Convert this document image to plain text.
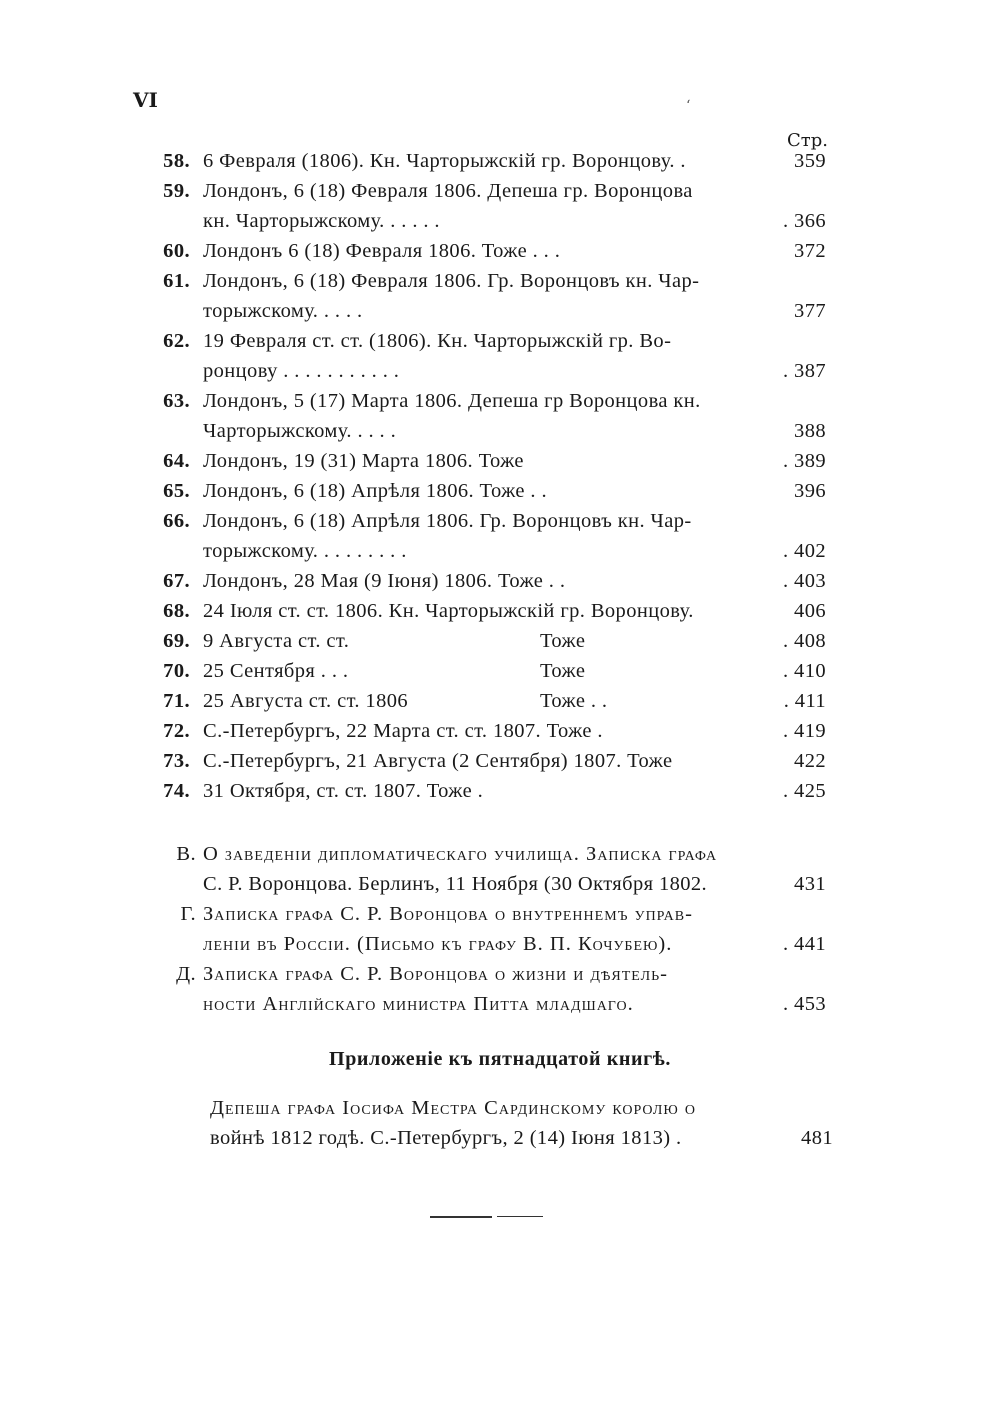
VI	‘
Стр.
58. 6 Февраля (1806). Кн. Чарторыжскій гр. Воронцову. .	359
59. Лондонъ, 6 (18) Февраля 1806. Депеша гр. Воронцова
кн. Чарторыжскому. . . . . .	. 366
60. Лондонъ 6 (18) Февраля 1806. Тоже . . .	372
61. Лондонъ, 6 (18) Февраля 1806. Гр. Воронцовъ кн. Чар-
торыжскому. . . . .	377
62. 19 Февраля ст. ст. (1806). Кн. Чарторыжскій гр. Во-
ронцову . . . . . . . . . . .	. 387
63. Лондонъ, 5 (17) Марта 1806. Депеша гр Воронцова кн.
Чарторыжскому. . . . .	388
64. Лондонъ, 19 (31) Марта 1806. Тоже	. 389
65. Лондонъ, 6 (18) Апрѣля 1806. Тоже . .	396
66. Лондонъ, 6 (18) Апрѣля 1806. Гр. Воронцовъ кн. Чар-
торыжскому. . . . . . . . .	. 402
67. Лондонъ, 28 Мая (9 Іюня) 1806. Тоже . .	. 403
68. 24 Іюля ст. ст. 1806. Кн. Чарторыжскій гр. Воронцову.	406
69. 9 Августа ст. ст.	Тоже	. 408
70. 25 Сентября . . .	Тоже	. 410
71. 25 Августа ст. ст. 1806	Тоже . .	. 411
72. С.-Петербургъ, 22 Марта ст. ст. 1807. Тоже .	. 419
73. С.-Петербургъ, 21 Августа (2 Сентября) 1807. Тоже	422
74. 31 Октября, ст. ст. 1807. Тоже .	. 425
В. О заведеніи дипломатическаго училища. Записка графа
С. Р. Воронцова. Берлинъ, 11 Ноября (30 Октября 1802.	431
Г. Записка графа С. Р. Воронцова о внутреннемъ управ-
леніи въ Россіи. (Письмо къ графу В. П. Кочубею).	. 441
Д. Записка графа С. Р. Воронцова о жизни и дѣятель-
ности Англійскаго министра Питта младшаго.	. 453
Приложеніе къ пятнадцатой книгѣ.
Депеша графа Іосифа Местра Сардинскому королю о
войнѣ 1812 годѣ. С.-Петербургъ, 2 (14) Іюня 1813) .	481
